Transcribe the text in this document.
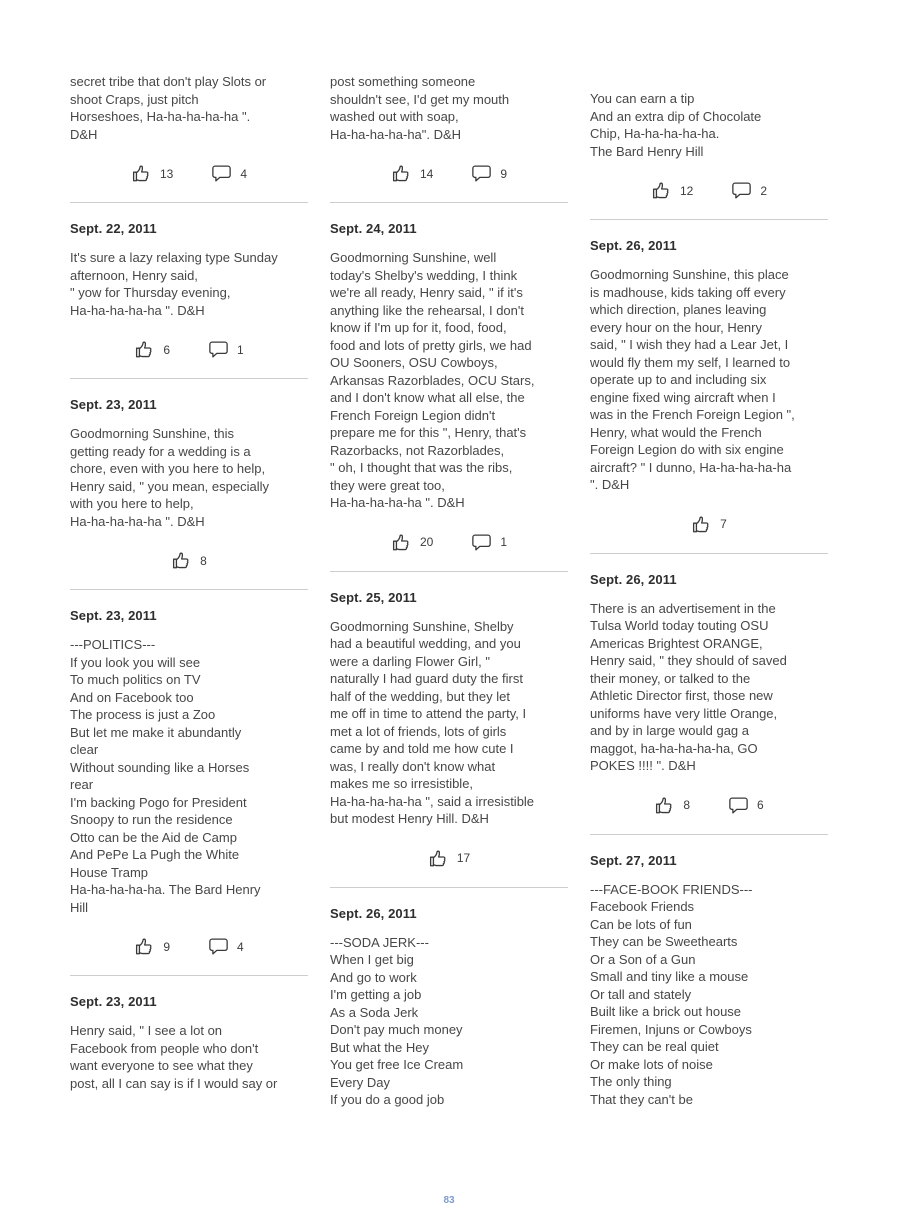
secret tribe that don't play Slots or
shoot Craps, just pitch
Horseshoes, Ha-ha-ha-ha-ha ".
D&H
13	4
Sept. 22, 2011
It's sure a lazy relaxing type Sunday
afternoon, Henry said,
" yow for Thursday evening,
Ha-ha-ha-ha-ha ". D&H
6	1
Sept. 23, 2011
Goodmorning Sunshine, this
getting ready for a wedding is a
chore, even with you here to help,
Henry said, " you mean, especially
with you here to help,
Ha-ha-ha-ha-ha ". D&H
8
Sept. 23, 2011
---POLITICS---
If you look you will see
To much politics on TV
And on Facebook too
The process is just a Zoo
But let me make it abundantly
clear
Without sounding like a Horses
rear
I'm backing Pogo for President
Snoopy to run the residence
Otto can be the Aid de Camp
And PePe La Pugh the White
House Tramp
Ha-ha-ha-ha-ha. The Bard Henry
Hill
9	4
Sept. 23, 2011
Henry said, " I see a lot on
Facebook from people who don't
want everyone to see what they
post, all I can say is if I would say or
post something someone
shouldn't see, I'd get my mouth
washed out with soap,
Ha-ha-ha-ha-ha". D&H
14	9
Sept. 24, 2011
Goodmorning Sunshine, well
today's Shelby's wedding, I think
we're all ready, Henry said, " if it's
anything like the rehearsal, I don't
know if I'm up for it, food, food,
food and lots of pretty girls, we had
OU Sooners, OSU Cowboys,
Arkansas Razorblades, OCU Stars,
and I don't know what all else, the
French Foreign Legion didn't
prepare me for this ", Henry, that's
Razorbacks, not Razorblades,
" oh, I thought that was the ribs,
they were great too,
Ha-ha-ha-ha-ha ". D&H
20	1
Sept. 25, 2011
Goodmorning Sunshine, Shelby
had a beautiful wedding, and you
were a darling Flower Girl, "
naturally I had guard duty the first
half of the wedding, but they let
me off in time to attend the party, I
met a lot of friends, lots of girls
came by and told me how cute I
was, I really don't know what
makes me so irresistible,
Ha-ha-ha-ha-ha ", said a irresistible
but modest Henry Hill. D&H
17
Sept. 26, 2011
---SODA JERK---
When I get big
And go to work
I'm getting a job
As a Soda Jerk
Don't pay much money
But what the Hey
You get free Ice Cream
Every Day
If you do a good job
You can earn a tip
And an extra dip of Chocolate
Chip, Ha-ha-ha-ha-ha.
The Bard Henry Hill
12	2
Sept. 26, 2011
Goodmorning Sunshine, this place
is madhouse, kids taking off every
which direction, planes leaving
every hour on the hour, Henry
said, " I wish they had a Lear Jet, I
would fly them my self, I learned to
operate up to and including six
engine fixed wing aircraft when I
was in the French Foreign Legion ",
Henry, what would the French
Foreign Legion do with six engine
aircraft? " I dunno, Ha-ha-ha-ha-ha
". D&H
7
Sept. 26, 2011
There is an advertisement in the
Tulsa World today touting OSU
Americas Brightest ORANGE,
Henry said, " they should of saved
their money, or talked to the
Athletic Director first, those new
uniforms have very little Orange,
and by in large would gag a
maggot, ha-ha-ha-ha-ha, GO
POKES !!!! ". D&H
8	6
Sept. 27, 2011
---FACE-BOOK FRIENDS---
Facebook Friends
Can be lots of fun
They can be Sweethearts
Or a Son of a Gun
Small and tiny like a mouse
Or tall and stately
Built like a brick out house
Firemen, Injuns or Cowboys
They can be real quiet
Or make lots of noise
The only thing
That they can't be
83
